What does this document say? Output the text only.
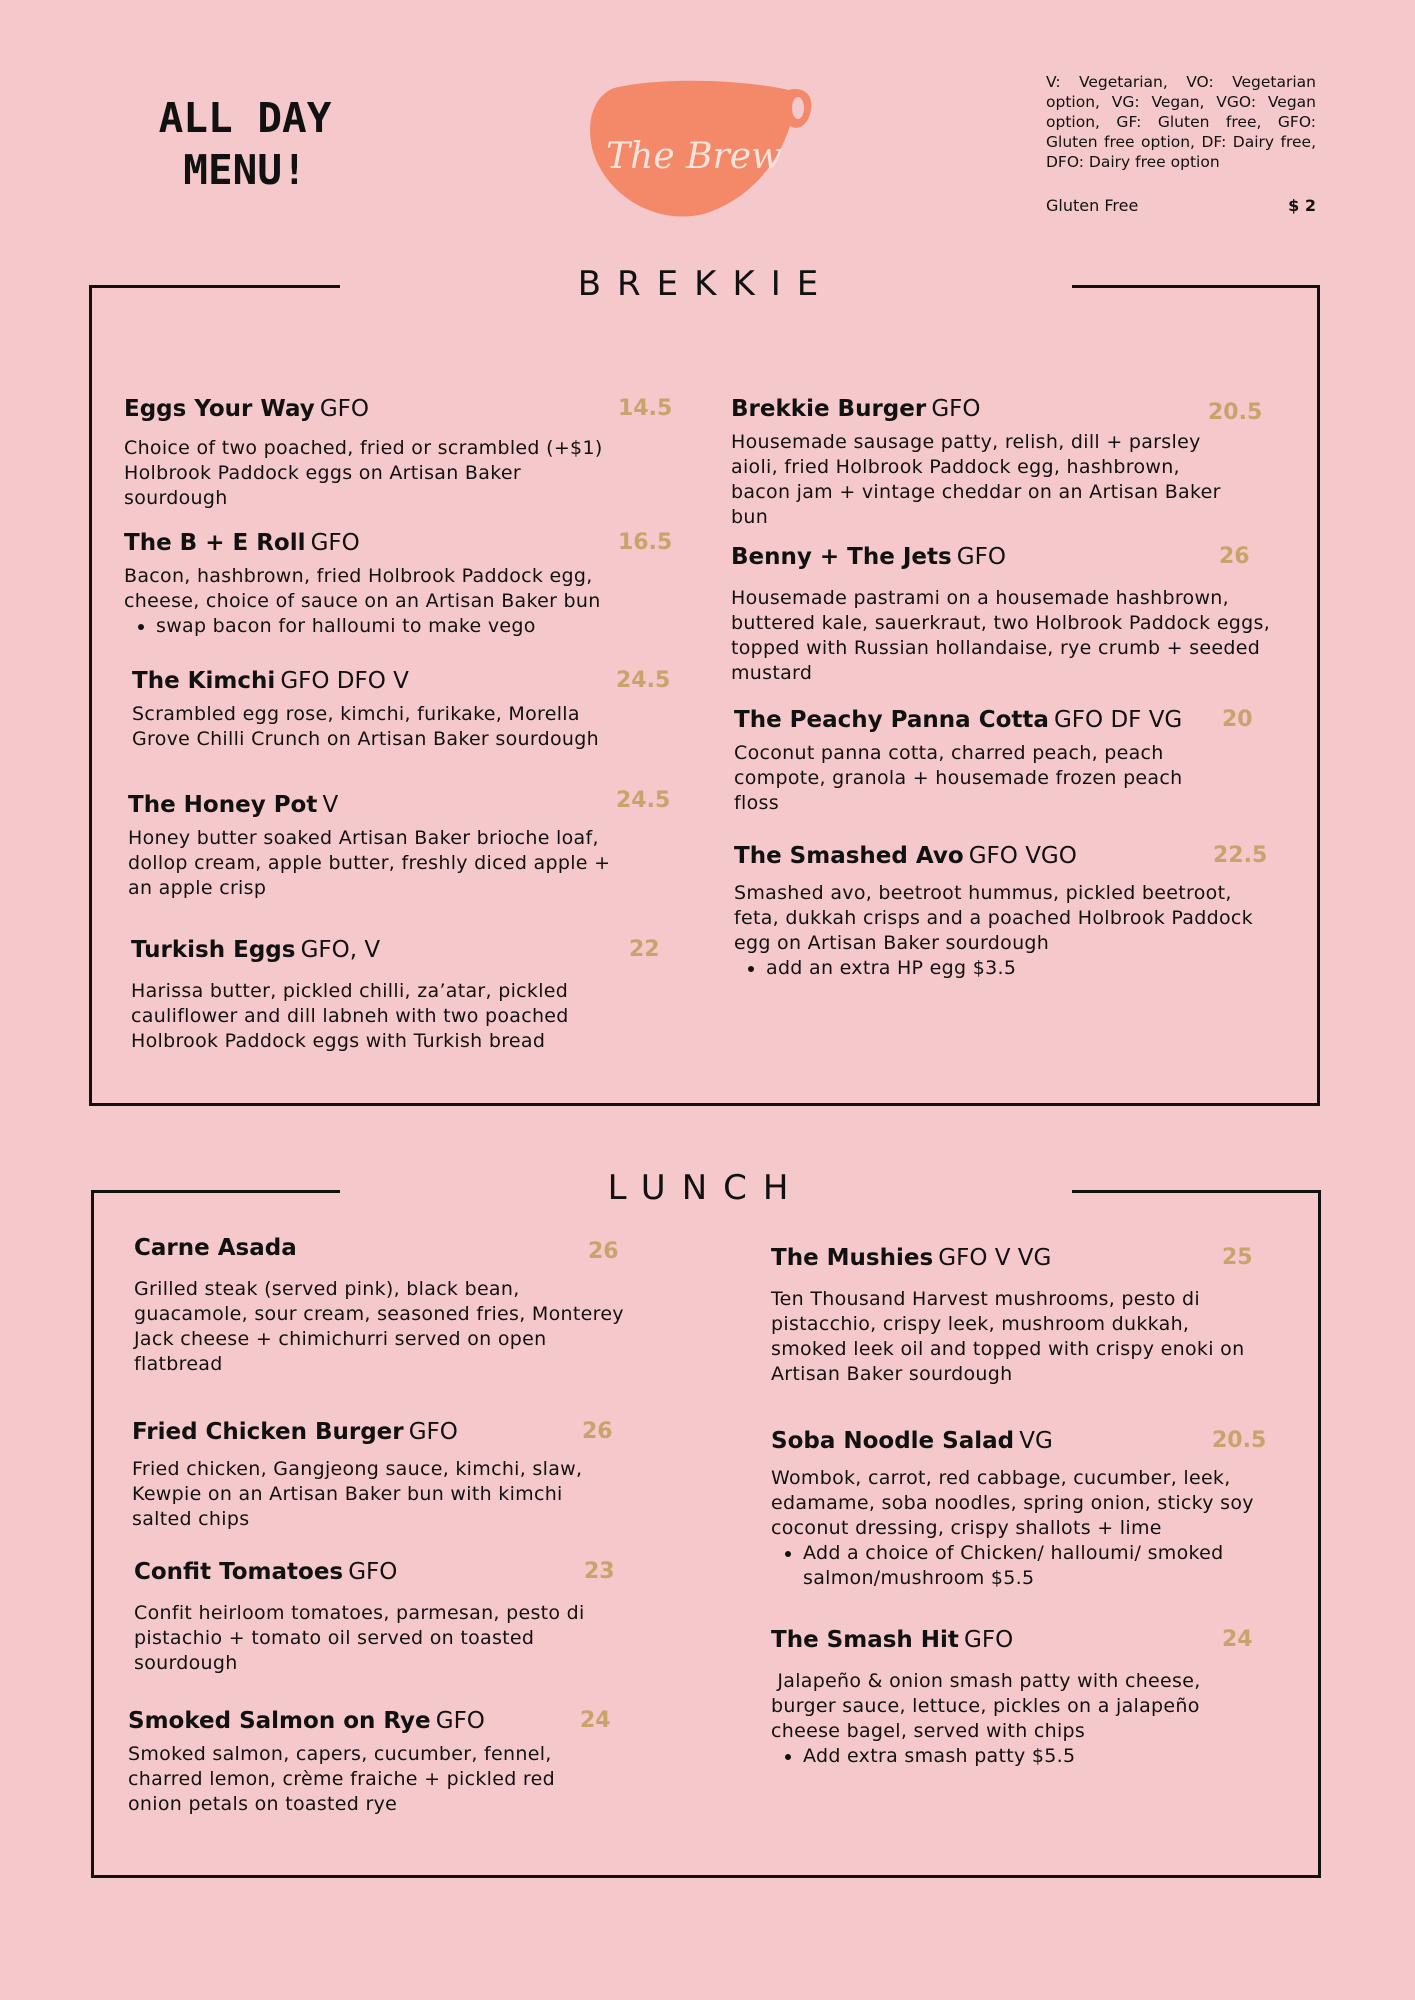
ALL DAY
MENU!	The Brew
V: Vegetarian, VO: Vegetarian option, VG: Vegan, VGO: Vegan option, GF: Gluten free, GFO: Gluten free option, DF: Dairy free, DFO: Dairy free option
Gluten Free	$ 2
BREKKIE
Eggs Your Way GFO	14.5

Choice of two poached, fried or scrambled (+$1) Holbrook Paddock eggs on Artisan Baker sourdough

The B + E Roll GFO	16.5

Bacon, hashbrown, fried Holbrook Paddock egg, cheese, choice of sauce on an Artisan Baker bun

• swap bacon for halloumi to make vego
The Kimchi GFO DFO V	24.5

Scrambled egg rose, kimchi, furikake, Morella Grove Chilli Crunch on Artisan Baker sourdough

The Honey Pot V	24.5

Honey butter soaked Artisan Baker brioche loaf, dollop cream, apple butter, freshly diced apple + an apple crisp

Turkish Eggs GFO, V	22

Harissa butter, pickled chilli, za’atar, pickled cauliflower and dill labneh with two poached Holbrook Paddock eggs with Turkish bread

Brekkie Burger GFO	20.5

Housemade sausage patty, relish, dill + parsley aioli, fried Holbrook Paddock egg, hashbrown, bacon jam + vintage cheddar on an Artisan Baker bun

Benny + The Jets GFO	26

Housemade pastrami on a housemade hashbrown, buttered kale, sauerkraut, two Holbrook Paddock eggs, topped with Russian hollandaise, rye crumb + seeded mustard

The Peachy Panna Cotta GFO DF VG 20

Coconut panna cotta, charred peach, peach compote, granola + housemade frozen peach floss

The Smashed Avo GFO VGO	22.5

Smashed avo, beetroot hummus, pickled beetroot, feta, dukkah crisps and a poached Holbrook Paddock egg on Artisan Baker sourdough

• add an extra HP egg $3.5
LUNCH
Carne Asada	26

Grilled steak (served pink), black bean, guacamole, sour cream, seasoned fries, Monterey Jack cheese + chimichurri served on open flatbread

Fried Chicken Burger GFO	26

Fried chicken, Gangjeong sauce, kimchi, slaw, Kewpie on an Artisan Baker bun with kimchi salted chips

Confit Tomatoes GFO	23

Confit heirloom tomatoes, parmesan, pesto di pistachio + tomato oil served on toasted sourdough

Smoked Salmon on Rye GFO	24

Smoked salmon, capers, cucumber, fennel, charred lemon, crème fraiche + pickled red onion petals on toasted rye

The Mushies GFO V VG	25

Ten Thousand Harvest mushrooms, pesto di pistacchio, crispy leek, mushroom dukkah, smoked leek oil and topped with crispy enoki on Artisan Baker sourdough

Soba Noodle Salad VG	20.5

Wombok, carrot, red cabbage, cucumber, leek, edamame, soba noodles, spring onion, sticky soy coconut dressing, crispy shallots + lime

• Add a choice of Chicken/ halloumi/ smoked salmon/mushroom $5.5
The Smash Hit GFO	24

Jalapeño & onion smash patty with cheese, burger sauce, lettuce, pickles on a jalapeño cheese bagel, served with chips

• Add extra smash patty $5.5
